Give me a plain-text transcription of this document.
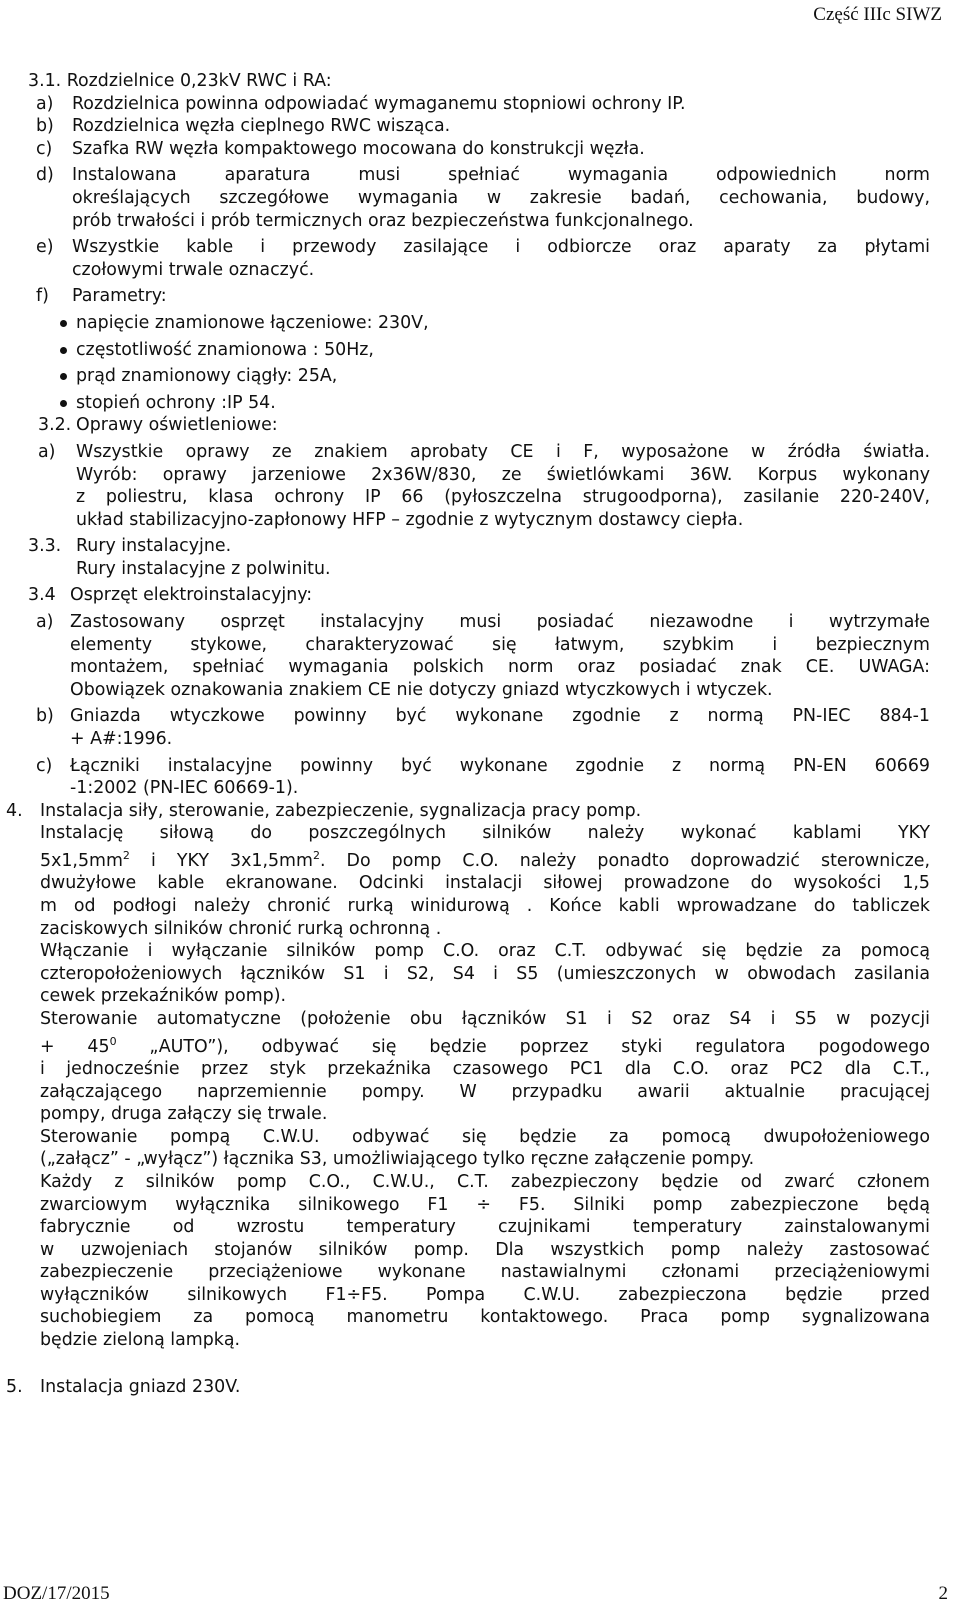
Część IIIc SIWZ
3.1. Rozdzielnice 0,23kV RWC i RA:
a) Rozdzielnica powinna odpowiadać wymaganemu stopniowi ochrony IP.
b) Rozdzielnica węzła cieplnego RWC wisząca.
c) Szafka RW węzła kompaktowego mocowana do konstrukcji węzła.
d) Instalowana aparatura musi spełniać wymagania odpowiednich norm
określających szczegółowe wymagania w zakresie badań, cechowania, budowy,
prób trwałości i prób termicznych oraz bezpieczeństwa funkcjonalnego.
e) Wszystkie kable i przewody zasilające i odbiorcze oraz aparaty za płytami
czołowymi trwale oznaczyć.
f) Parametry:
napięcie znamionowe łączeniowe: 230V,
częstotliwość znamionowa : 50Hz,
prąd znamionowy ciągły: 25A,
stopień ochrony :IP 54.
3.2. Oprawy oświetleniowe:
a) Wszystkie oprawy ze znakiem aprobaty CE i F, wyposażone w źródła światła.
Wyrób: oprawy jarzeniowe 2x36W/830, ze świetlówkami 36W. Korpus wykonany
z poliestru, klasa ochrony IP 66 (pyłoszczelna strugoodporna), zasilanie 220-240V,
układ stabilizacyjno-zapłonowy HFP – zgodnie z wytycznym dostawcy ciepła.
3.3. Rury instalacyjne.
Rury instalacyjne z polwinitu.
3.4 Osprzęt elektroinstalacyjny:
a) Zastosowany osprzęt instalacyjny musi posiadać niezawodne i wytrzymałe
elementy stykowe, charakteryzować się łatwym, szybkim i bezpiecznym
montażem, spełniać wymagania polskich norm oraz posiadać znak CE. UWAGA:
Obowiązek oznakowania znakiem CE nie dotyczy gniazd wtyczkowych i wtyczek.
b) Gniazda wtyczkowe powinny być wykonane zgodnie z normą PN-IEC 884-1
+ A#:1996.
c) Łączniki instalacyjne powinny być wykonane zgodnie z normą PN-EN 60669
-1:2002 (PN-IEC 60669-1).
4. Instalacja siły, sterowanie, zabezpieczenie, sygnalizacja pracy pomp.
Instalację siłową do poszczególnych silników należy wykonać kablami YKY
$5x1,5mm^2$ i YKY $3x1,5mm^2$. Do pomp C.O. należy ponadto doprowadzić sterownicze,
dwużyłowe kable ekranowane. Odcinki instalacji siłowej prowadzone do wysokości 1,5
m od podłogi należy chronić rurką winidurową . Końce kabli wprowadzane do tabliczek
zaciskowych silników chronić rurką ochronną .
Włączanie i wyłączanie silników pomp C.O. oraz C.T. odbywać się będzie za pomocą
czteropołożeniowych łączników S1 i S2, S4 i S5 (umieszczonych w obwodach zasilania
cewek przekaźników pomp).
Sterowanie automatyczne (położenie obu łączników S1 i S2 oraz S4 i S5 w pozycji
+ $45^0$ „AUTO”), odbywać się będzie poprzez styki regulatora pogodowego
i jednocześnie przez styk przekaźnika czasowego PC1 dla C.O. oraz PC2 dla C.T.,
załączającego naprzemiennie pompy. W przypadku awarii aktualnie pracującej
pompy, druga załączy się trwale.
Sterowanie pompą C.W.U. odbywać się będzie za pomocą dwupołożeniowego
(„załącz” - „wyłącz”) łącznika S3, umożliwiającego tylko ręczne załączenie pompy.
Każdy z silników pomp C.O., C.W.U., C.T. zabezpieczony będzie od zwarć członem
zwarciowym wyłącznika silnikowego F1 ÷ F5. Silniki pomp zabezpieczone będą
fabrycznie od wzrostu temperatury czujnikami temperatury zainstalowanymi
w uzwojeniach stojanów silników pomp. Dla wszystkich pomp należy zastosować
zabezpieczenie przeciążeniowe wykonane nastawialnymi członami przeciążeniowymi
wyłączników silnikowych F1÷F5. Pompa C.W.U. zabezpieczona będzie przed
suchobiegiem za pomocą manometru kontaktowego. Praca pomp sygnalizowana
będzie zieloną lampką.
5. Instalacja gniazd 230V.
DOZ/17/2015	2
